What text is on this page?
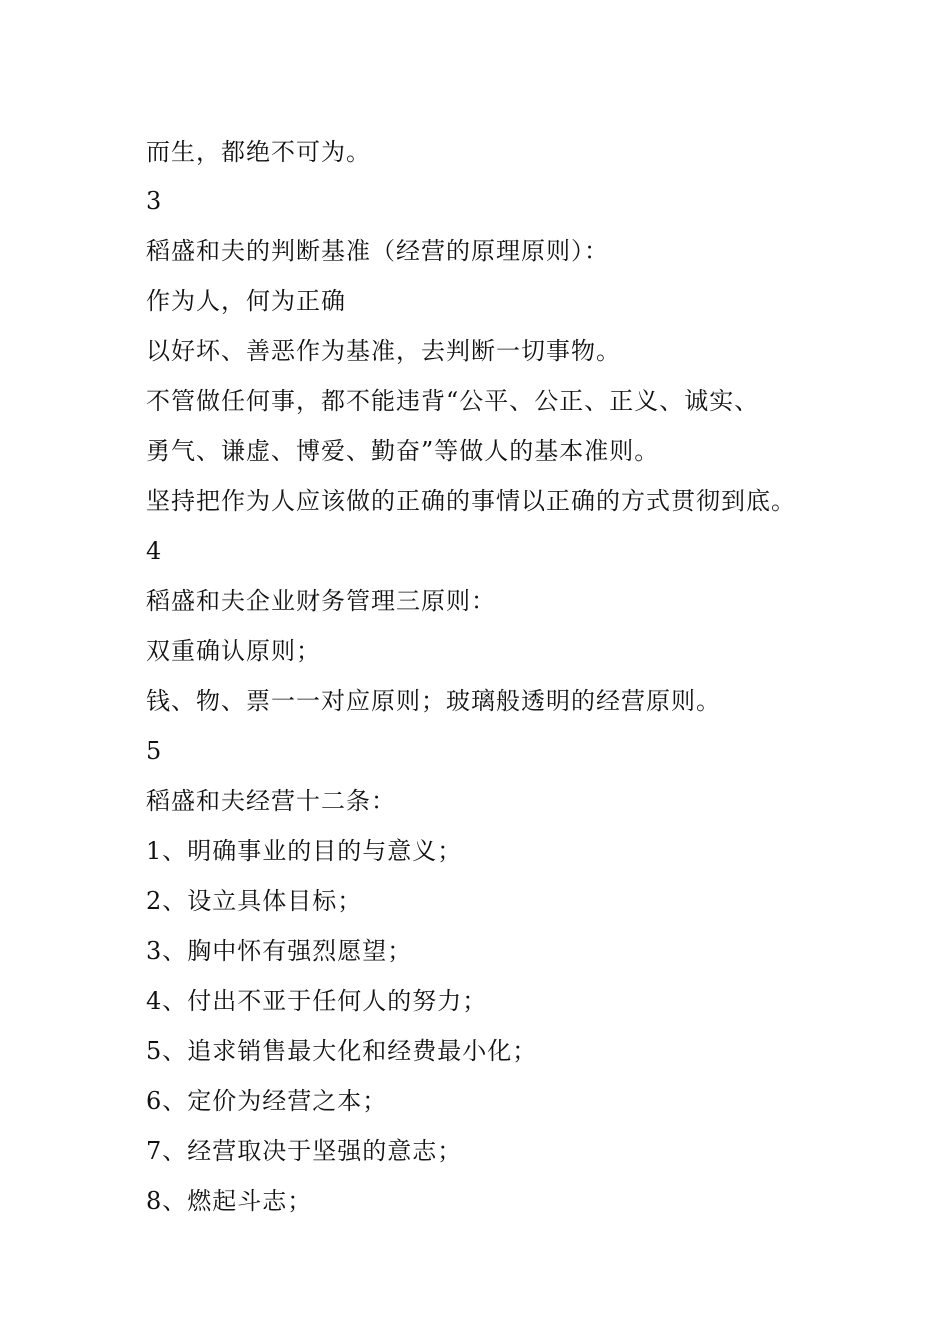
而生，都绝不可为。

3

稻盛和夫的判断基准（经营的原理原则）：

作为人，何为正确

以好坏、善恶作为基准，去判断一切事物。

不管做任何事，都不能违背“公平、公正、正义、诚实、

勇气、谦虚、博爱、勤奋”等做人的基本准则。

坚持把作为人应该做的正确的事情以正确的方式贯彻到底。

4

稻盛和夫企业财务管理三原则：

双重确认原则；

钱、物、票一一对应原则；玻璃般透明的经营原则。

5

稻盛和夫经营十二条：

1、明确事业的目的与意义；

2、设立具体目标；

3、胸中怀有强烈愿望；

4、付出不亚于任何人的努力；

5、追求销售最大化和经费最小化；

6、定价为经营之本；

7、经营取决于坚强的意志；

8、燃起斗志；
